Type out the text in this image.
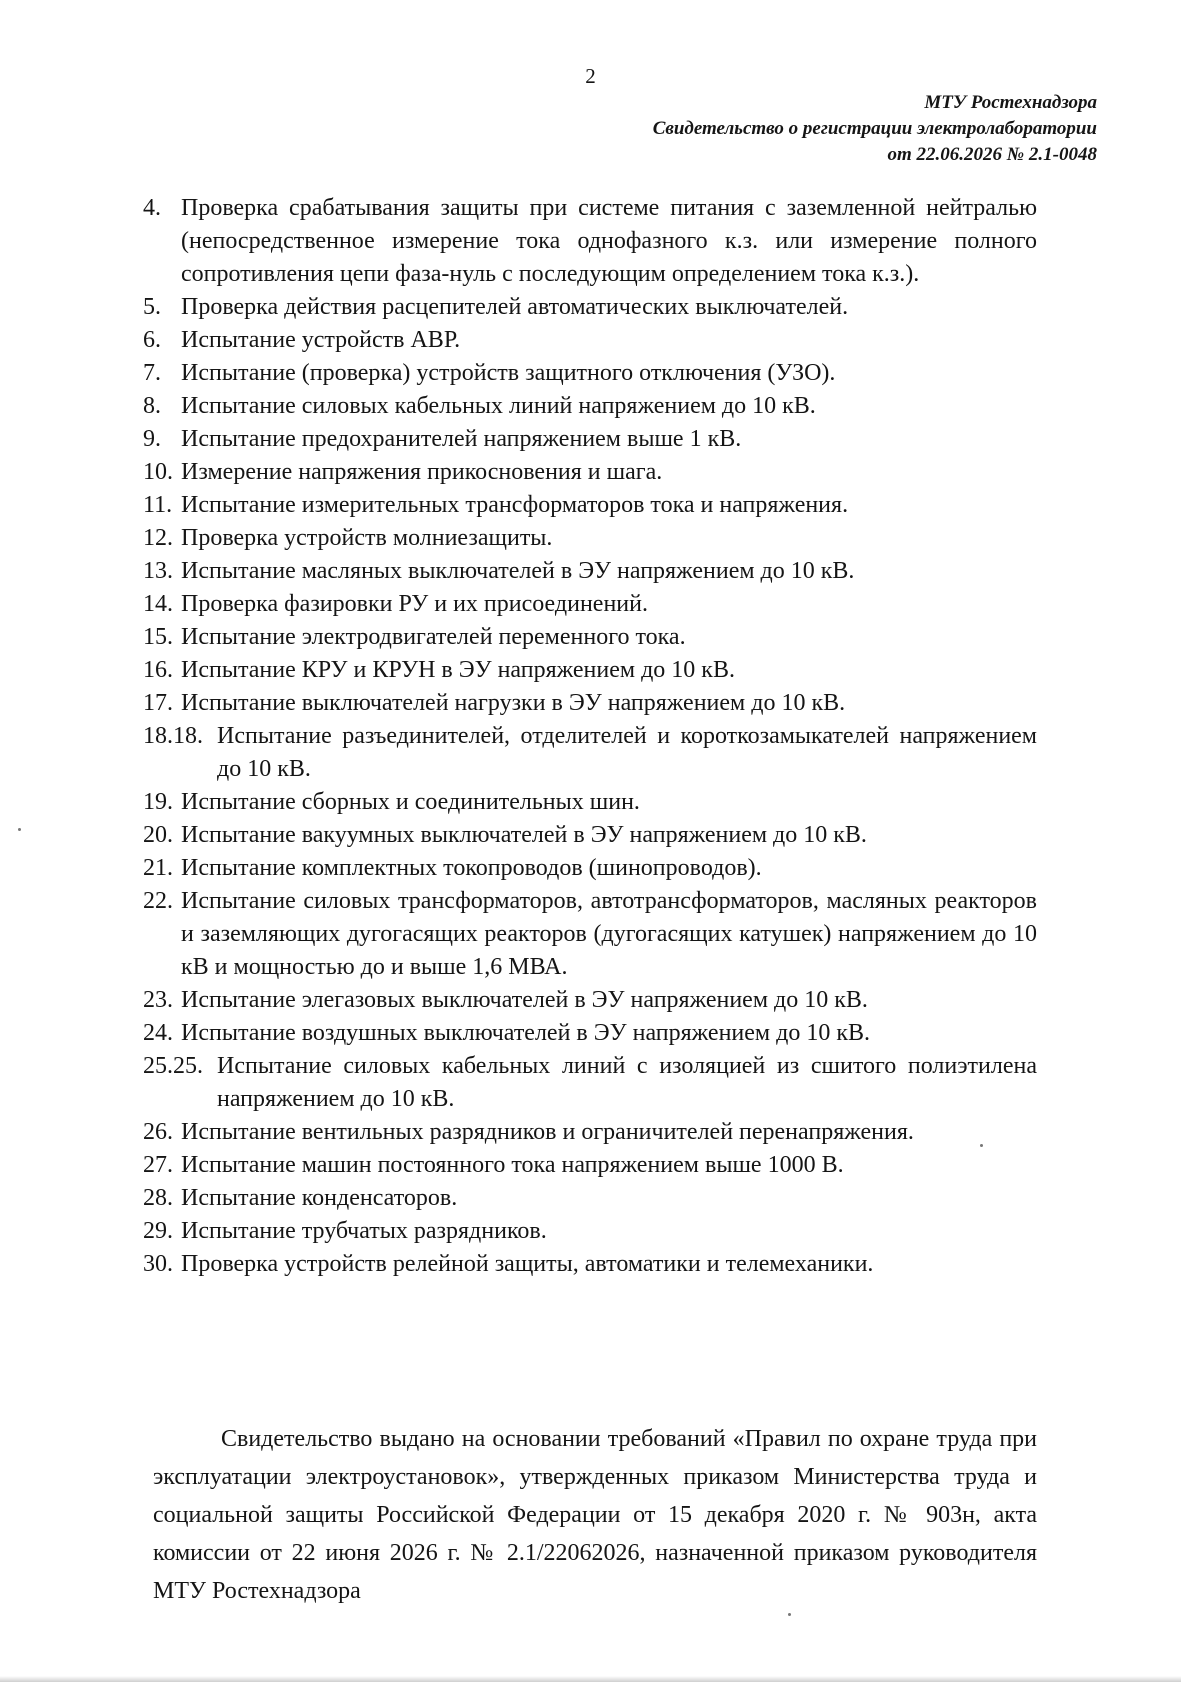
2
МТУ Ростехнадзора
Свидетельство о регистрации электролаборатории
от 22.06.2026 № 2.1-0048
4. Проверка срабатывания защиты при системе питания с заземленной нейтралью (непосредственное измерение тока однофазного к.з. или измерение полного сопротивления цепи фаза-нуль с последующим определением тока к.з.).
5. Проверка действия расцепителей автоматических выключателей.
6. Испытание устройств АВР.
7. Испытание (проверка) устройств защитного отключения (УЗО).
8. Испытание силовых кабельных линий напряжением до 10 кВ.
9. Испытание предохранителей напряжением выше 1 кВ.
10. Измерение напряжения прикосновения и шага.
11. Испытание измерительных трансформаторов тока и напряжения.
12. Проверка устройств молниезащиты.
13. Испытание масляных выключателей в ЭУ напряжением до 10 кВ.
14. Проверка фазировки РУ и их присоединений.
15. Испытание электродвигателей переменного тока.
16. Испытание КРУ и КРУН в ЭУ напряжением до 10 кВ.
17. Испытание выключателей нагрузки в ЭУ напряжением до 10 кВ.
18.18. Испытание разъединителей, отделителей и короткозамыкателей напряжением до 10 кВ.
19. Испытание сборных и соединительных шин.
20. Испытание вакуумных выключателей в ЭУ напряжением до 10 кВ.
21. Испытание комплектных токопроводов (шинопроводов).
22. Испытание силовых трансформаторов, автотрансформаторов, масляных реакторов и заземляющих дугогасящих реакторов (дугогасящих катушек) напряжением до 10 кВ и мощностью до и выше 1,6 МВА.
23. Испытание элегазовых выключателей в ЭУ напряжением до 10 кВ.
24. Испытание воздушных выключателей в ЭУ напряжением до 10 кВ.
25.25. Испытание силовых кабельных линий с изоляцией из сшитого полиэтилена напряжением до 10 кВ.
26. Испытание вентильных разрядников и ограничителей перенапряжения.
27. Испытание машин постоянного тока напряжением выше 1000 В.
28. Испытание конденсаторов.
29. Испытание трубчатых разрядников.
30. Проверка устройств релейной защиты, автоматики и телемеханики.

Свидетельство выдано на основании требований «Правил по охране труда при эксплуатации электроустановок», утвержденных приказом Министерства труда и социальной защиты Российской Федерации от 15 декабря 2020 г. № 903н, акта комиссии от 22 июня 2026 г. № 2.1/22062026, назначенной приказом руководителя МТУ Ростехнадзора
